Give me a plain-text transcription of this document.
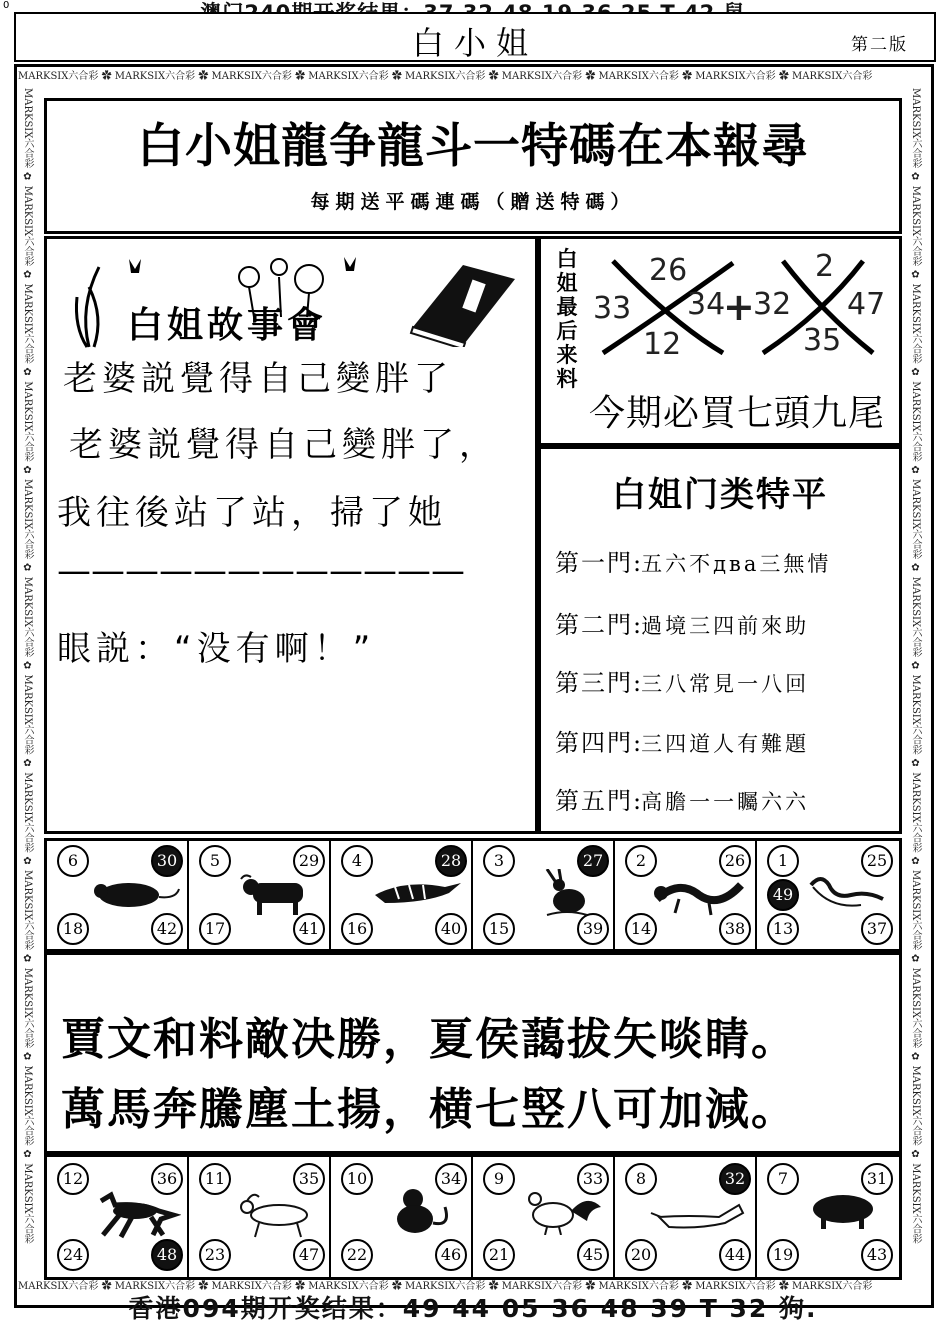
0
白小姐	第二版
MARKSIX六合彩 ✿ MARKSIX六合彩 ✿ MARKSIX六合彩 ✿ MARKSIX六合彩 ✿ MARKSIX六合彩 ✿ MARKSIX六合彩 ✿ MARKSIX六合彩 ✿ MARKSIX六合彩 ✿ MARKSIX六合彩
MARKSIX六合彩 ✿ MARKSIX六合彩 ✿ MARKSIX六合彩 ✿ MARKSIX六合彩 ✿ MARKSIX六合彩 ✿ MARKSIX六合彩 ✿ MARKSIX六合彩 ✿ MARKSIX六合彩 ✿ MARKSIX六合彩
MARKSIX六合彩 ✿ MARKSIX六合彩 ✿ MARKSIX六合彩 ✿ MARKSIX六合彩 ✿ MARKSIX六合彩 ✿ MARKSIX六合彩 ✿ MARKSIX六合彩 ✿ MARKSIX六合彩 ✿ MARKSIX六合彩 ✿ MARKSIX六合彩 ✿ MARKSIX六合彩 ✿ MARKSIX六合彩
MARKSIX六合彩 ✿ MARKSIX六合彩 ✿ MARKSIX六合彩 ✿ MARKSIX六合彩 ✿ MARKSIX六合彩 ✿ MARKSIX六合彩 ✿ MARKSIX六合彩 ✿ MARKSIX六合彩 ✿ MARKSIX六合彩 ✿ MARKSIX六合彩 ✿ MARKSIX六合彩 ✿ MARKSIX六合彩
白小姐龍争龍斗一特碼在本報尋
每期送平碼連碼（贈送特碼）
白姐故事會
老婆説覺得自己變胖了
老婆説覺得自己變胖了，
我往後站了站，掃了她
————————————
眼説：“没有啊！”
白姐最后来料
26
33 34
12
+
2
32 47
35
今期必買七頭九尾
白姐门类特平
第一門:五六不два三無情
第二門:過境三四前來助
第三門:三八常見一八回
第四門:三四道人有難題
第五門:高膽一一矚六六
6	30
18	42
5	29
17	41
4	28
16	40
3	27
15	39
2	26
14	38
1	25
13	37
49
賈文和料敵决勝，夏侯藹拔矢啖睛。
萬馬奔騰塵土揚，横七竪八可加減。
12	36
24	48
11	35
23	47
10	34
22	46
9	33
21	45
8	32
20	44
7	31
19	43
香港094期开奖结果：49 44 05 36 48 39 T 32 狗.
